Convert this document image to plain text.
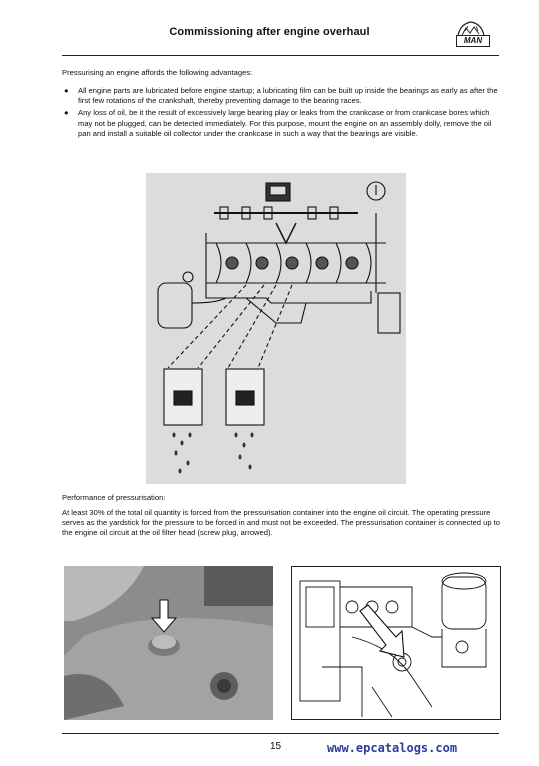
Commissioning after engine overhaul
MAN
Pressurising an engine affords the following advantages:
● All engine parts are lubricated before engine startup; a lubricating film can be built up inside the bearings as early as after the first few rotations of the crankshaft, thereby preventing damage to the bearing races.
● Any loss of oil, be it the result of excessively large bearing play or leaks from the crankcase or from crankcase bores which may not be plugged, can be detected immediately. For this purpose, mount the engine on an assembly dolly, remove the oil pan and install a suitable oil collector under the crankcase in such a way that the bearings are visible.
Performance of pressurisation:
At least 30% of the total oil quantity is forced from the pressurisation container into the engine oil circuit. The operating pressure serves as the yardstick for the pressure to be forced in and must not be exceeded. The pressurisation container is connected up to the engine oil circuit at the oil filter head (screw plug, arrowed).
15	www.epcatalogs.com
